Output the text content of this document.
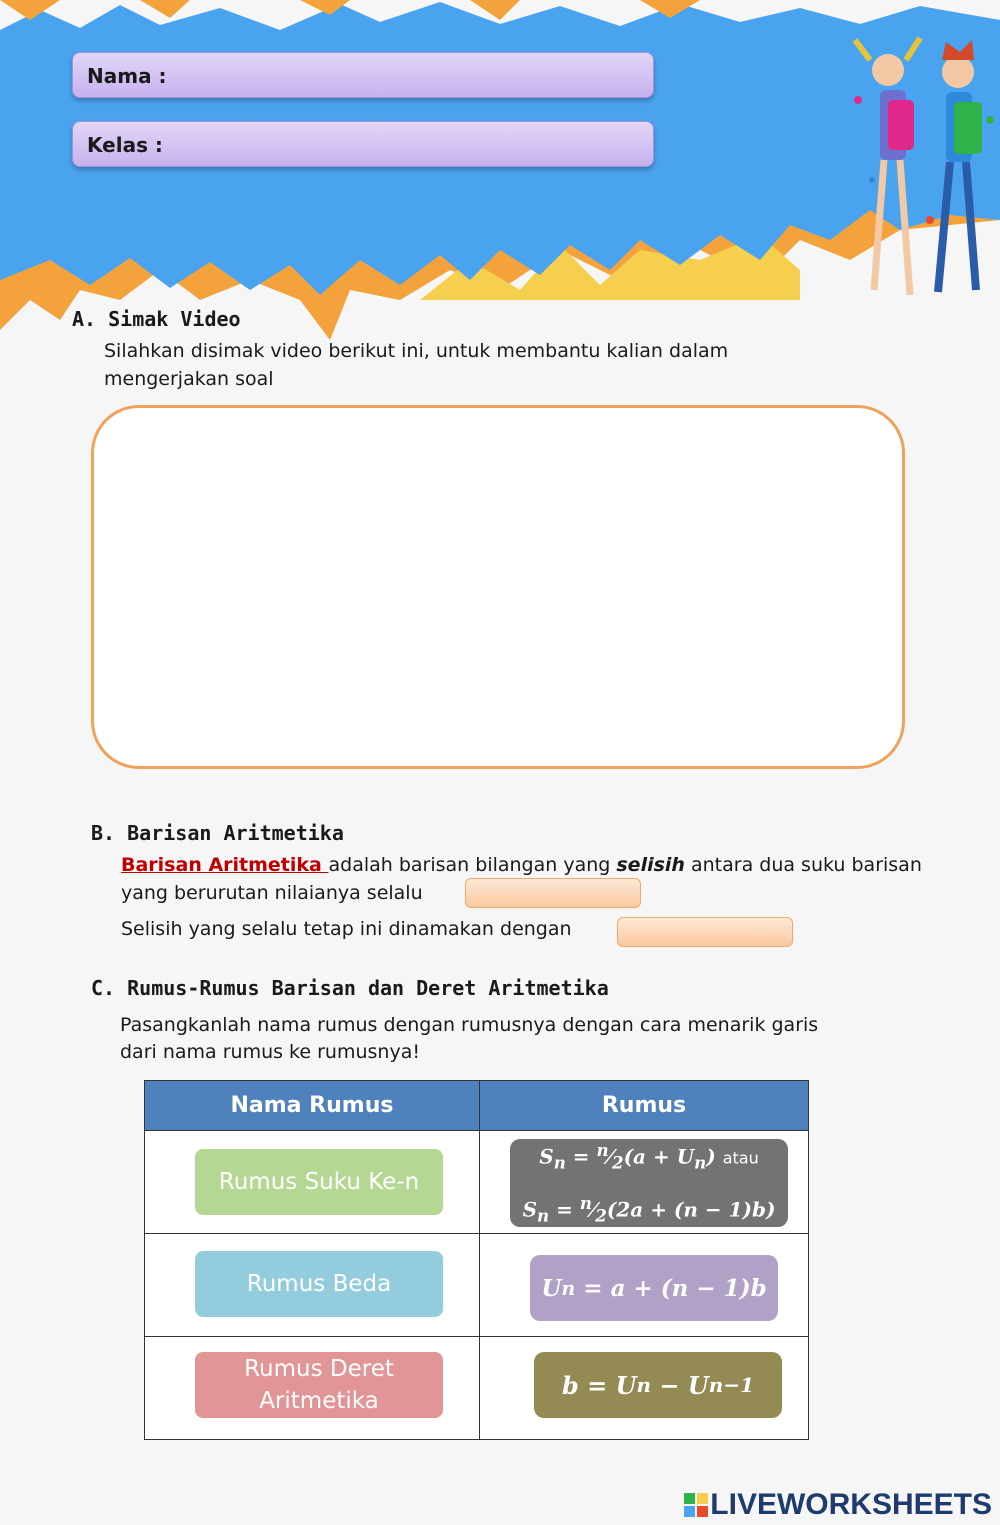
Nama :
Kelas :
A. Simak Video
Silahkan disimak video berikut ini, untuk membantu kalian dalam
mengerjakan soal
B. Barisan Aritmetika
Barisan Aritmetika adalah barisan bilangan yang selisih antara dua suku barisan
yang berurutan nilaianya selalu
Selisih yang selalu tetap ini dinamakan dengan
C. Rumus-Rumus Barisan dan Deret Aritmetika
Pasangkanlah nama rumus dengan rumusnya dengan cara menarik garis
dari nama rumus ke rumusnya!
Nama Rumus	Rumus

Rumus Suku Ke-n	$S_n$ = $^n⁄_2(a + U_n)$ atau
$S_n$ = $^n⁄_2(2a + (n - 1)b)$

Rumus Beda	U n = a + (n − 1)b

Rumus Deret Aritmetika	b = U n − U n−1
LIVEWORKSHEETS
